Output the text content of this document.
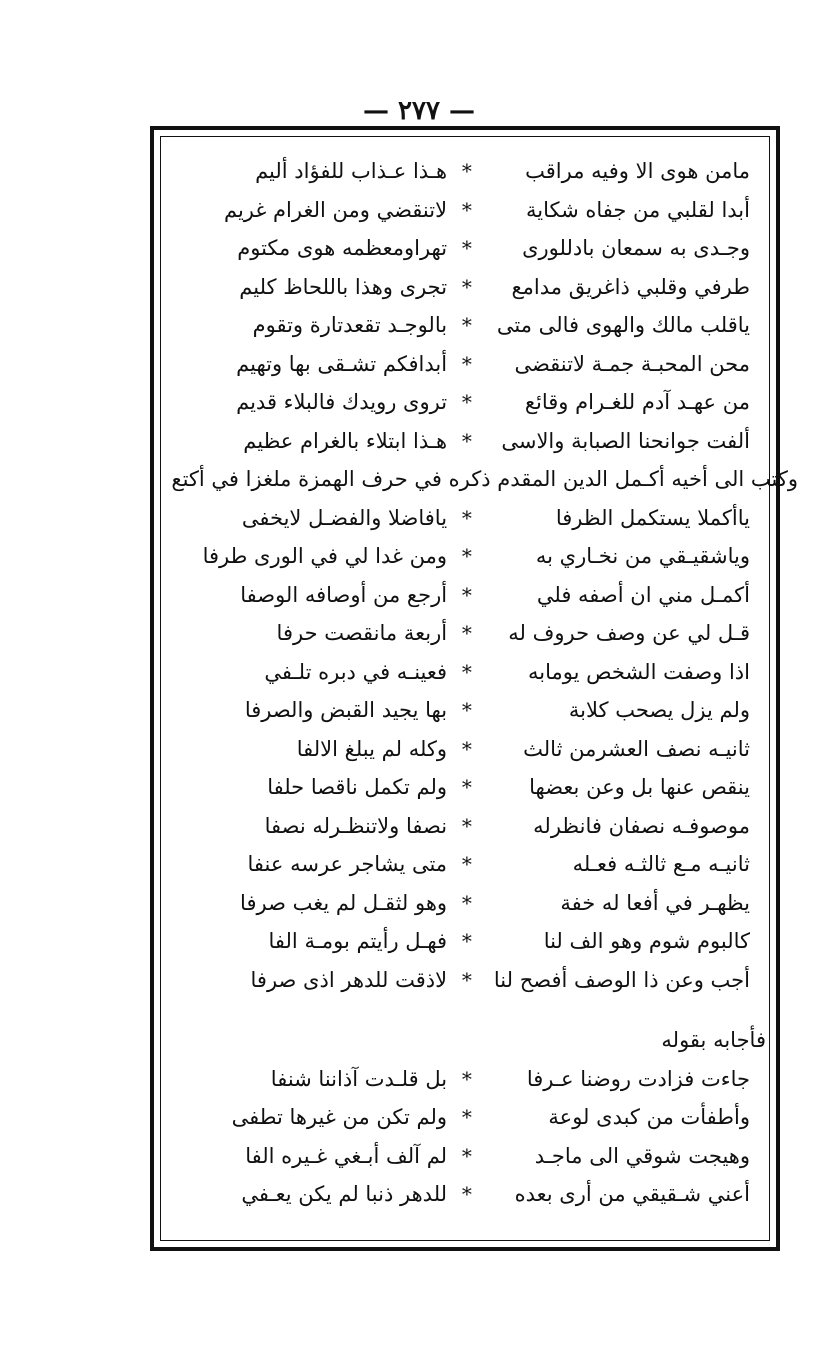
— ٢٧٧ —
مامن هوى الا وفيه مراقب
*
هـذا عـذاب للفؤاد أليم
أبدا لقلبي من جفاه شكاية
*
لاتنقضي ومن الغرام غريم
وجـدى به سمعان بادللورى
*
تهراومعظمه هوى مكتوم
طرفي وقلبي ذاغريق مدامع
*
تجرى وهذا باللحاظ كليم
ياقلب مالك والهوى فالى متى
*
بالوجـد تقعدتارة وتقوم
محن المحبـة جمـة لاتنقضى
*
أبدافكم تشـقى بها وتهيم
من عهـد آدم للغـرام وقائع
*
تروى رويدك فالبلاء قديم
ألفت جوانحنا الصبابة والاسى
*
هـذا ابتلاء بالغرام عظيم
وكتب الى أخيه أكـمل الدين المقدم ذكره في حرف الهمزة ملغزا في أكتع
ياأكملا يستكمل الظرفا
*
يافاضلا والفضـل لايخفى
وياشقيـقي من نخـاري به
*
ومن غدا لي في الورى طرفا
أكمـل مني ان أصفه فلي
*
أرجع من أوصافه الوصفا
قـل لي عن وصف حروف له
*
أربعة مانقصت حرفا
اذا وصفت الشخص يومابه
*
فعينـه في دبره تلـفي
ولم يزل يصحب كلابة
*
بها يجيد القبض والصرفا
ثانيـه نصف العشرمن ثالث
*
وكله لم يبلغ الالفا
ينقص عنها بل وعن بعضها
*
ولم تكمل ناقصا حلفا
موصوفـه نصفان فانظرله
*
نصفا ولاتنظـرله نصفا
ثانيـه مـع ثالثـه فعـله
*
متى يشاجر عرسه عنفا
يظهـر في أفعا له خفة
*
وهو لثقـل لم يغب صرفا
كالبوم شوم وهو الف لنا
*
فهـل رأيتم بومـة الفا
أجب وعن ذا الوصف أفصح لنا
*
لاذقت للدهر اذى صرفا
فأجابه بقوله
جاءت فزادت روضنا عـرفا
*
بل قلـدت آذاننا شنفا
وأطفأت من كبدى لوعة
*
ولم تكن من غيرها تطفى
وهيجت شوقي الى ماجـد
*
لم آلف أبـغي غـيره الفا
أعني شـقيقي من أرى بعده
*
للدهر ذنبا لم يكن يعـفي
